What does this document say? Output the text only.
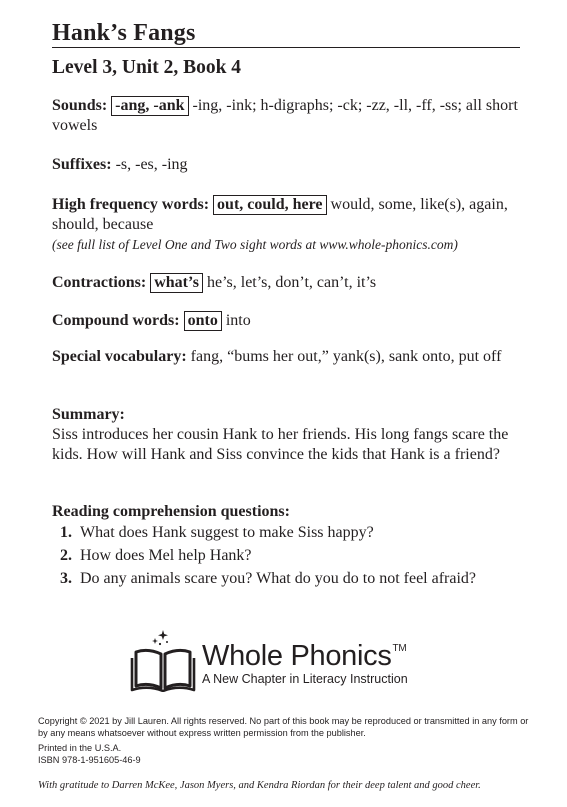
Hank’s Fangs
Level 3, Unit 2, Book 4
Sounds: -ang, -ank -ing, -ink; h-digraphs; -ck; -zz, -ll, -ff, -ss; all short vowels
Suffixes: -s, -es, -ing
High frequency words: out, could, here would, some, like(s), again, should, because
(see full list of Level One and Two sight words at www.whole-phonics.com)
Contractions: what’s he’s, let’s, don’t, can’t, it’s
Compound words: onto into
Special vocabulary: fang, “bums her out,” yank(s), sank onto, put off
Summary:
Siss introduces her cousin Hank to her friends. His long fangs scare the kids. How will Hank and Siss convince the kids that Hank is a friend?
Reading comprehension questions:
1. What does Hank suggest to make Siss happy?
2. How does Mel help Hank?
3. Do any animals scare you? What do you do to not feel afraid?
Whole Phonics™
A New Chapter in Literacy Instruction
Copyright © 2021 by Jill Lauren. All rights reserved. No part of this book may be reproduced or transmitted in any form or by any means whatsoever without express written permission from the publisher.
Printed in the U.S.A.
ISBN 978-1-951605-46-9
With gratitude to Darren McKee, Jason Myers, and Kendra Riordan for their deep talent and good cheer.
